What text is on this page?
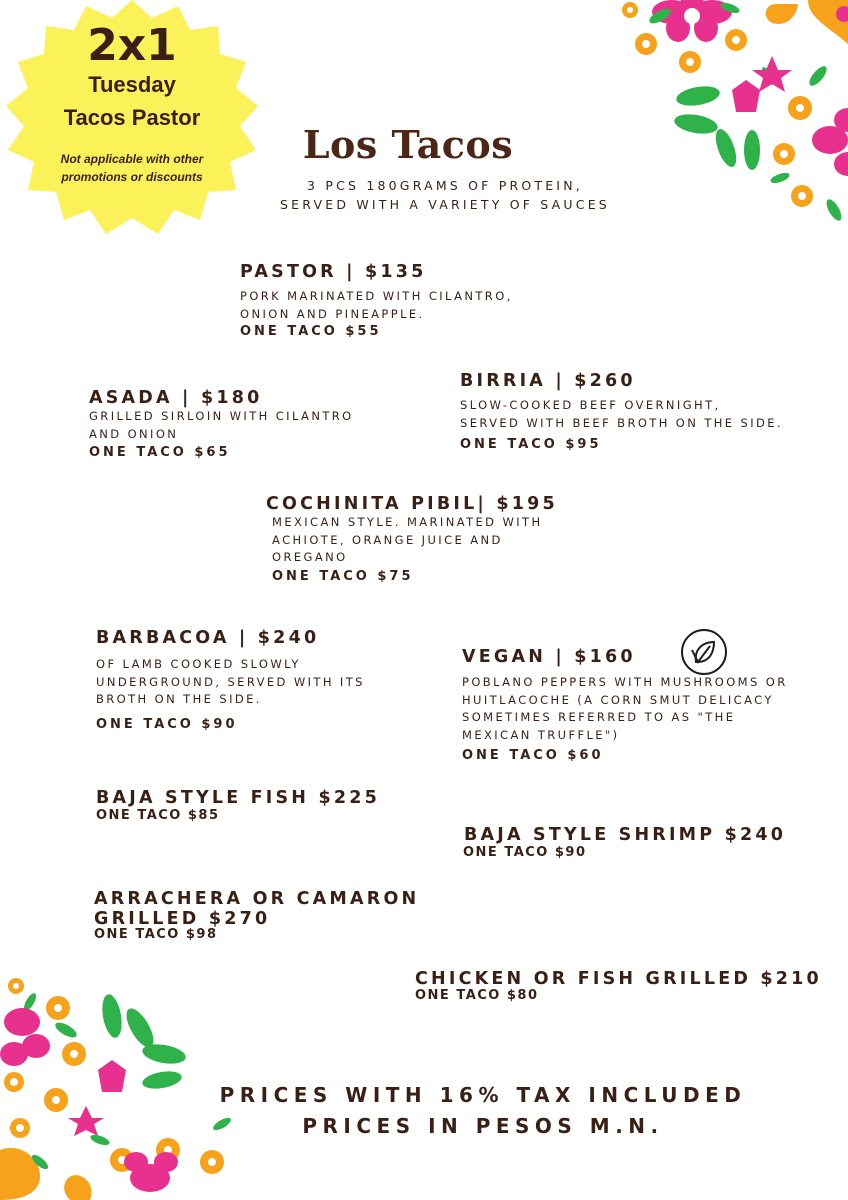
2x1
Tuesday
Tacos Pastor
Not applicable with other
promotions or discounts
Los Tacos
3 PCS 180GRAMS OF PROTEIN,
SERVED WITH A VARIETY OF SAUCES
PASTOR | $135
PORK MARINATED WITH CILANTRO,
ONION AND PINEAPPLE.
ONE TACO $55
ASADA | $180
GRILLED SIRLOIN WITH CILANTRO
AND ONION
ONE TACO $65
BIRRIA | $260
SLOW-COOKED BEEF OVERNIGHT,
SERVED WITH BEEF BROTH ON THE SIDE.
ONE TACO $95
COCHINITA PIBIL| $195
MEXICAN STYLE. MARINATED WITH
ACHIOTE, ORANGE JUICE AND
OREGANO
ONE TACO $75
BARBACOA | $240
OF LAMB COOKED SLOWLY
UNDERGROUND, SERVED WITH ITS
BROTH ON THE SIDE.
ONE TACO $90
VEGAN | $160
POBLANO PEPPERS WITH MUSHROOMS OR
HUITLACOCHE (A CORN SMUT DELICACY
SOMETIMES REFERRED TO AS "THE
MEXICAN TRUFFLE")
ONE TACO $60
BAJA STYLE FISH $225
ONE TACO $85
BAJA STYLE SHRIMP $240
ONE TACO $90
ARRACHERA OR CAMARON
GRILLED $270
ONE TACO $98
CHICKEN OR FISH GRILLED $210
ONE TACO $80
PRICES WITH 16% TAX INCLUDED
PRICES IN PESOS M.N.
